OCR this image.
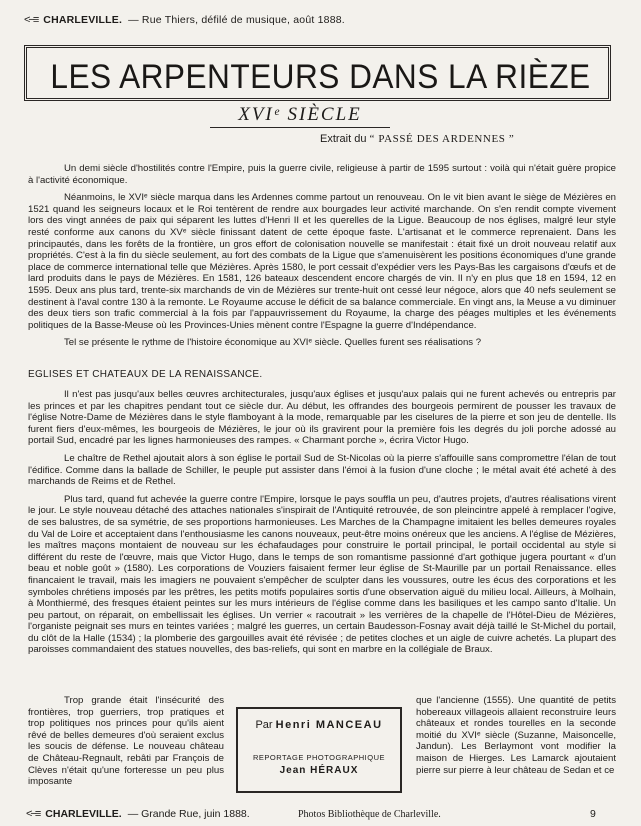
<−≡ CHARLEVILLE. — Rue Thiers, défilé de musique, août 1888.
LES ARPENTEURS DANS LA RIÈZE
XVIᵉ SIÈCLE
Extrait du “ PASSÉ DES ARDENNES ”

Un demi siècle d'hostilités contre l'Empire, puis la guerre civile, religieuse à partir de 1595 surtout : voilà qui n'était guère propice à l'activité économique.

Néanmoins, le XVIᵉ siècle marqua dans les Ardennes comme partout un renouveau. On le vit bien avant le siège de Mézières en 1521 quand les seigneurs locaux et le Roi tentèrent de rendre aux bourgades leur activité marchande. On s'en rendit compte vivement lors des vingt années de paix qui séparent les luttes d'Henri II et les querelles de la Ligue. Beaucoup de nos églises, malgré leur style resté conforme aux canons du XVᵉ siècle finissant datent de cette époque faste. L'artisanat et le commerce reprenaient. Dans les principautés, dans les forêts de la frontière, un gros effort de colonisation nouvelle se manifestait : était fixé un droit nouveau relatif aux propriétés. C'est à la fin du siècle seulement, au fort des combats de la Ligue que s'amenuisèrent les positions économiques d'une grande place de commerce international telle que Mézières. Après 1580, le port cessait d'expédier vers les Pays-Bas les cargaisons d'œufs et de lard produits dans le pays de Mézières. En 1581, 126 bateaux descendent encore chargés de vin. Il n'y en plus que 18 en 1594, 12 en 1595. Deux ans plus tard, trente-six marchands de vin de Mézières sur trente-huit ont cessé leur négoce, alors que 40 nefs seulement se destinent à l'aval contre 130 à la remonte. Le Royaume accuse le déficit de sa balance commerciale. En vingt ans, la Meuse a vu diminuer des deux tiers son trafic commercial à la fois par l'appauvrissement du Royaume, la charge des péages multiples et les événements politiques de la Basse-Meuse où les Provinces-Unies mènent contre l'Espagne la guerre d'Indépendance.

Tel se présente le rythme de l'histoire économique au XVIᵉ siècle. Quelles furent ses réalisations ?

EGLISES ET CHATEAUX DE LA RENAISSANCE.

Il n'est pas jusqu'aux belles œuvres architecturales, jusqu'aux églises et jusqu'aux palais qui ne furent achevés ou entrepris par les princes et par les chapitres pendant tout ce siècle dur. Au début, les offrandes des bourgeois permirent de pousser les travaux de l'église Notre-Dame de Mézières dans le style flamboyant à la mode, remarquable par les ciselures de la pierre et son jeu de dentelle. Ils furent fiers d'eux-mêmes, les bourgeois de Mézières, le jour où ils gravirent pour la première fois les degrés du joli porche adossé au portail Sud, encadré par les lignes harmonieuses des rampes. « Charmant porche », écrira Victor Hugo.

Le chaître de Rethel ajoutait alors à son église le portail Sud de St-Nicolas où la pierre s'affouille sans compromettre l'élan de tout l'édifice. Comme dans la ballade de Schiller, le peuple put assister dans l'émoi à la fusion d'une cloche ; le métal avait été acheté à des marchands de Reims et de Rethel.

Plus tard, quand fut achevée la guerre contre l'Empire, lorsque le pays souffla un peu, d'autres projets, d'autres réalisations virent le jour. Le style nouveau détaché des attaches nationales s'inspirait de l'Antiquité retrouvée, de son pleincintre appelé à remplacer l'ogive, de ses balustres, de sa symétrie, de ses proportions harmonieuses. Les Marches de la Champagne imitaient les belles demeures royales du Val de Loire et acceptaient dans l'enthousiasme les canons nouveaux, peut-être moins onéreux que les anciens. A l'église de Mézières, les maîtres maçons montaient de nouveau sur les échafaudages pour construire le portail principal, le portail occidental au style si différent du reste de l'œuvre, mais que Victor Hugo, dans le temps de son romantisme passionné d'art gothique jugera pourtant « d'un beau et noble goût » (1580). Les corporations de Vouziers faisaient fermer leur église de St-Maurille par un portail Renaissance. elles financaient le travail, mais les imagiers ne pouvaient s'empêcher de sculpter dans les voussures, outre les écus des corporations et les symboles chrétiens imposés par les prêtres, les petits motifs populaires sortis d'une observation aiguë du milieu local. Ailleurs, à Molhain, à Monthiermé, des fresques étaient peintes sur les murs intérieurs de l'église comme dans les basiliques et les campo santo d'Italie. Un peu partout, on réparait, on embellissait les églises. Un verrier « racoutrait » les verrières de la chapelle de l'Hôtel-Dieu de Mézières, l'organiste peignait ses murs en teintes variées ; malgré les guerres, un certain Baudesson-Fosnay avait déjà taillé le St-Michel du portail, du clôt de la Halle (1534) ; la plomberie des gargouilles avait été révisée ; de petites cloches et un aigle de cuivre achetés. La plupart des paroisses commandaient des statues nouvelles, des bas-reliefs, qui sont en marbre en la collégiale de Braux.

Trop grande était l'insécurité des frontières, trop guerriers, trop pratiques et trop politiques nos princes pour qu'ils aient rêvé de belles demeures d'où seraient exclus les soucis de défense. Le nouveau château de Château-Regnault, rebâti par François de Clèves n'était qu'une forteresse un peu plus imposante

Par Henri MANCEAU
REPORTAGE PHOTOGRAPHIQUE
Jean HÉRAUX

que l'ancienne (1555). Une quantité de petits hobereaux villageois allaient reconstruire leurs châteaux et rondes tourelles en la seconde moitié du XVIᵉ siècle (Suzanne, Maisoncelle, Jandun). Les Berlaymont vont modifier la maison de Hierges. Les Lamarck ajoutaient pierre sur pierre à leur château de Sedan et ce

<−≡ CHARLEVILLE. — Grande Rue, juin 1888.	Photos Bibliothèque de Charleville.	9
